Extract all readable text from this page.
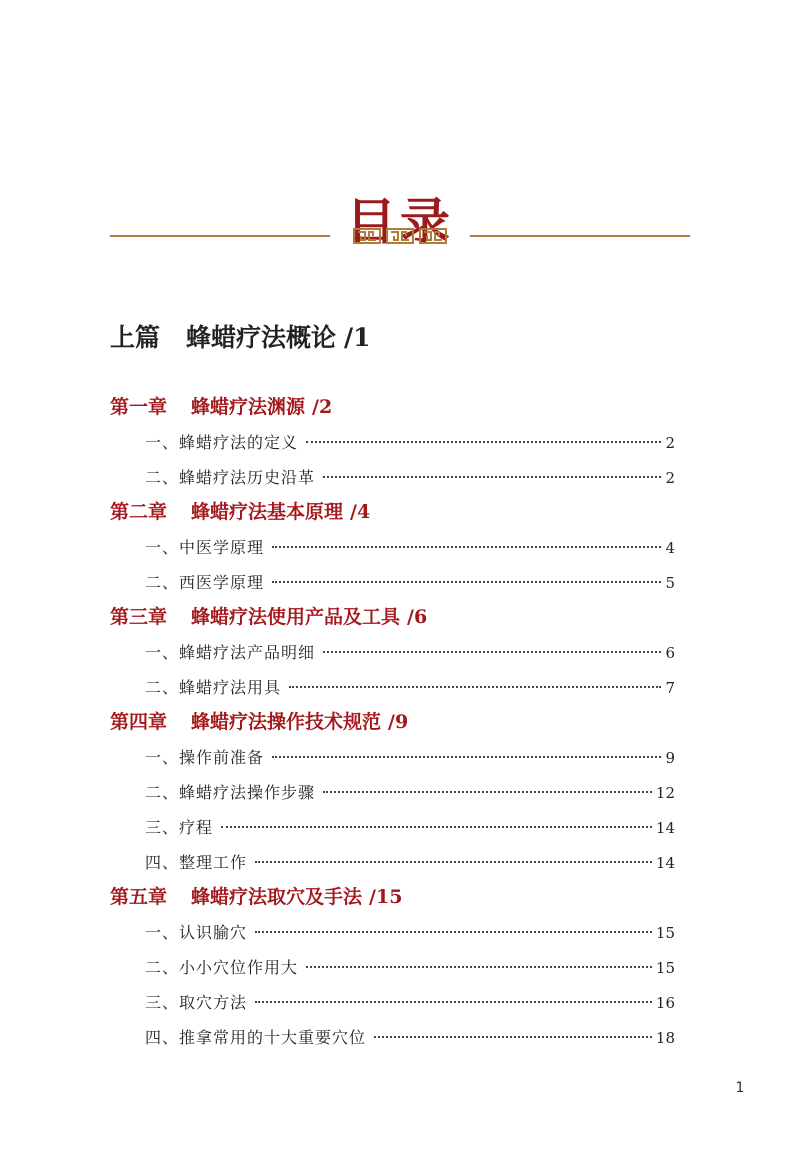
目录
上篇 蜂蜡疗法概论 /1
第一章 蜂蜡疗法渊源 /2
一、蜂蜡疗法的定义	2
二、蜂蜡疗法历史沿革	2
第二章 蜂蜡疗法基本原理 /4
一、中医学原理	4
二、西医学原理	5
第三章 蜂蜡疗法使用产品及工具 /6
一、蜂蜡疗法产品明细	6
二、蜂蜡疗法用具	7
第四章 蜂蜡疗法操作技术规范 /9
一、操作前准备	9
二、蜂蜡疗法操作步骤	12
三、疗程	14
四、整理工作	14
第五章 蜂蜡疗法取穴及手法 /15
一、认识腧穴	15
二、小小穴位作用大	15
三、取穴方法	16
四、推拿常用的十大重要穴位	18
1
